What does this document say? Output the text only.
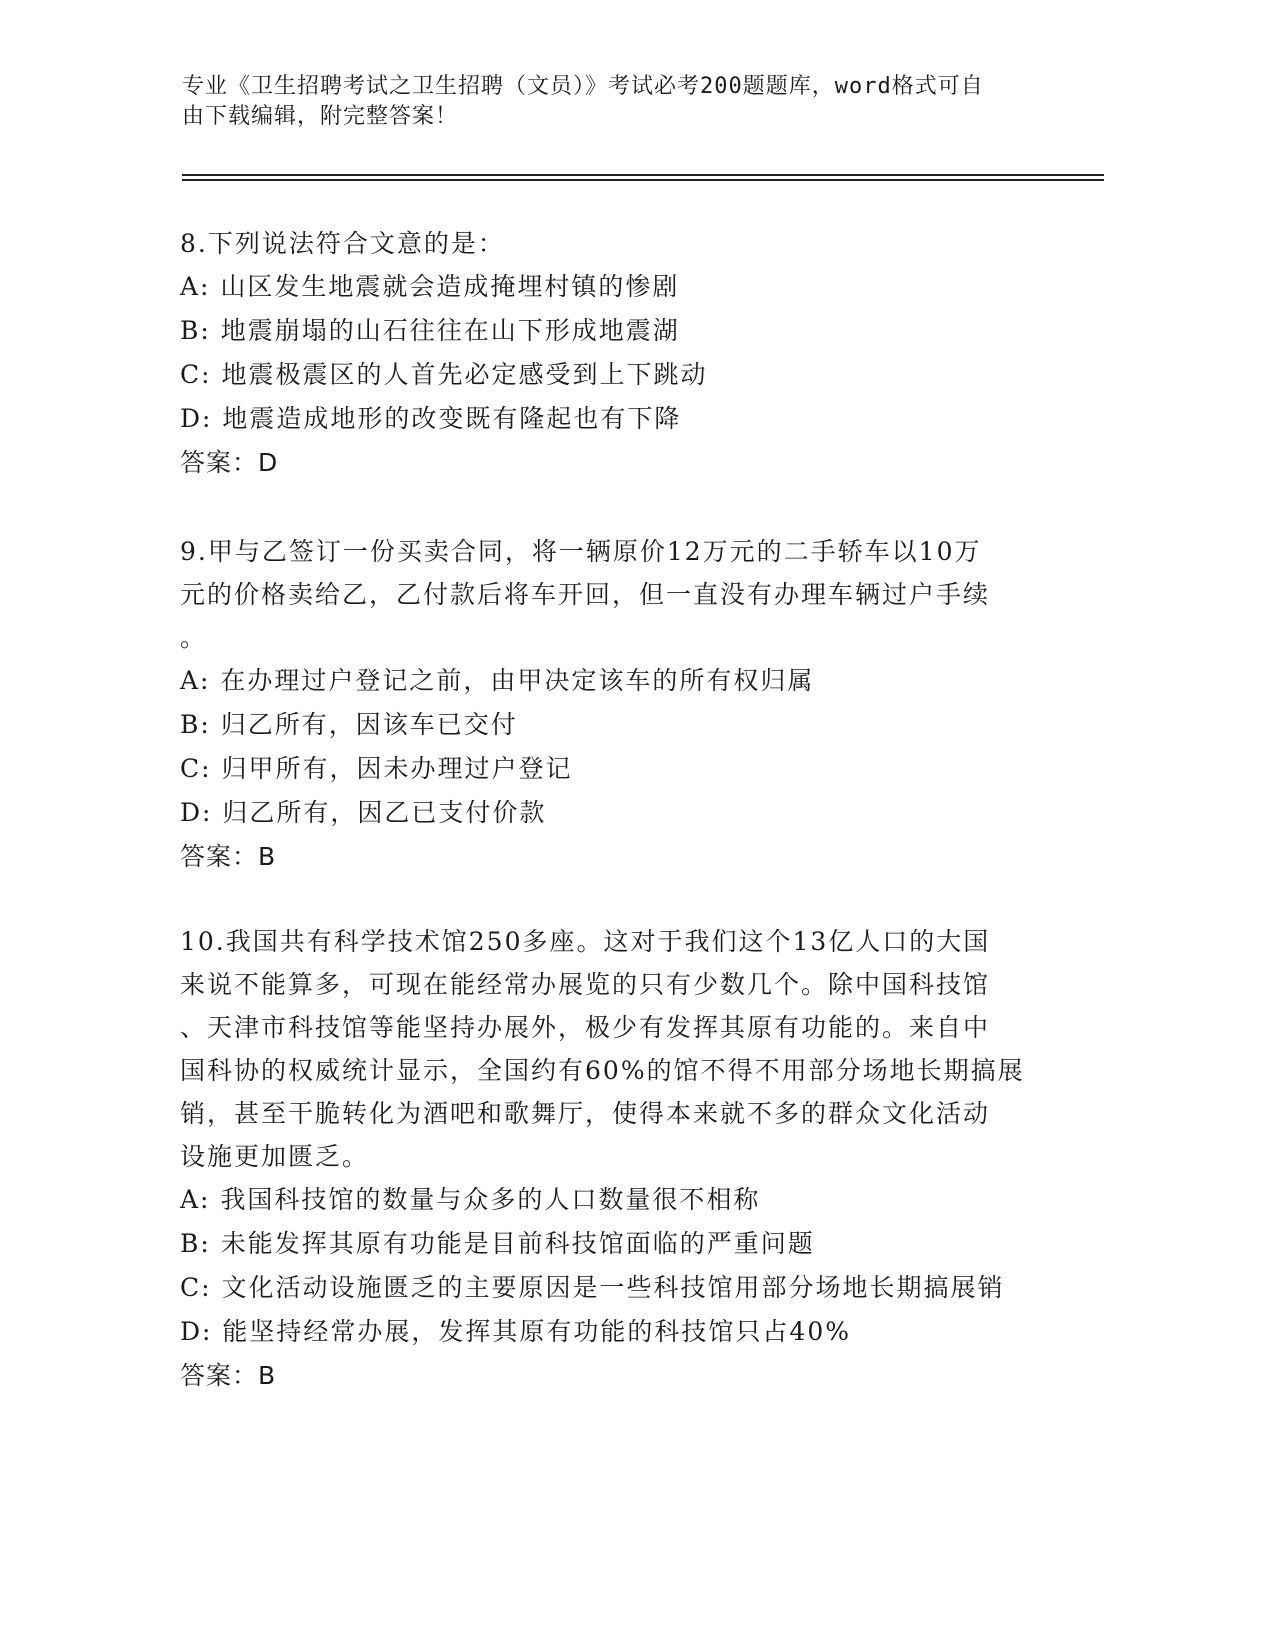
专业《卫生招聘考试之卫生招聘（文员）》考试必考200题题库，word格式可自
由下载编辑，附完整答案！

8.下列说法符合文意的是：

A: 山区发生地震就会造成掩埋村镇的惨剧

B: 地震崩塌的山石往往在山下形成地震湖

C: 地震极震区的人首先必定感受到上下跳动

D: 地震造成地形的改变既有隆起也有下降

答案：D

9.甲与乙签订一份买卖合同，将一辆原价12万元的二手轿车以10万

元的价格卖给乙，乙付款后将车开回，但一直没有办理车辆过户手续

。

A: 在办理过户登记之前，由甲决定该车的所有权归属

B: 归乙所有，因该车已交付

C: 归甲所有，因未办理过户登记

D: 归乙所有，因乙已支付价款

答案：B

10.我国共有科学技术馆250多座。这对于我们这个13亿人口的大国

来说不能算多，可现在能经常办展览的只有少数几个。除中国科技馆

、天津市科技馆等能坚持办展外，极少有发挥其原有功能的。来自中

国科协的权威统计显示，全国约有60%的馆不得不用部分场地长期搞展

销，甚至干脆转化为酒吧和歌舞厅，使得本来就不多的群众文化活动

设施更加匮乏。

A: 我国科技馆的数量与众多的人口数量很不相称

B: 未能发挥其原有功能是目前科技馆面临的严重问题

C: 文化活动设施匮乏的主要原因是一些科技馆用部分场地长期搞展销

D: 能坚持经常办展，发挥其原有功能的科技馆只占40%

答案：B
